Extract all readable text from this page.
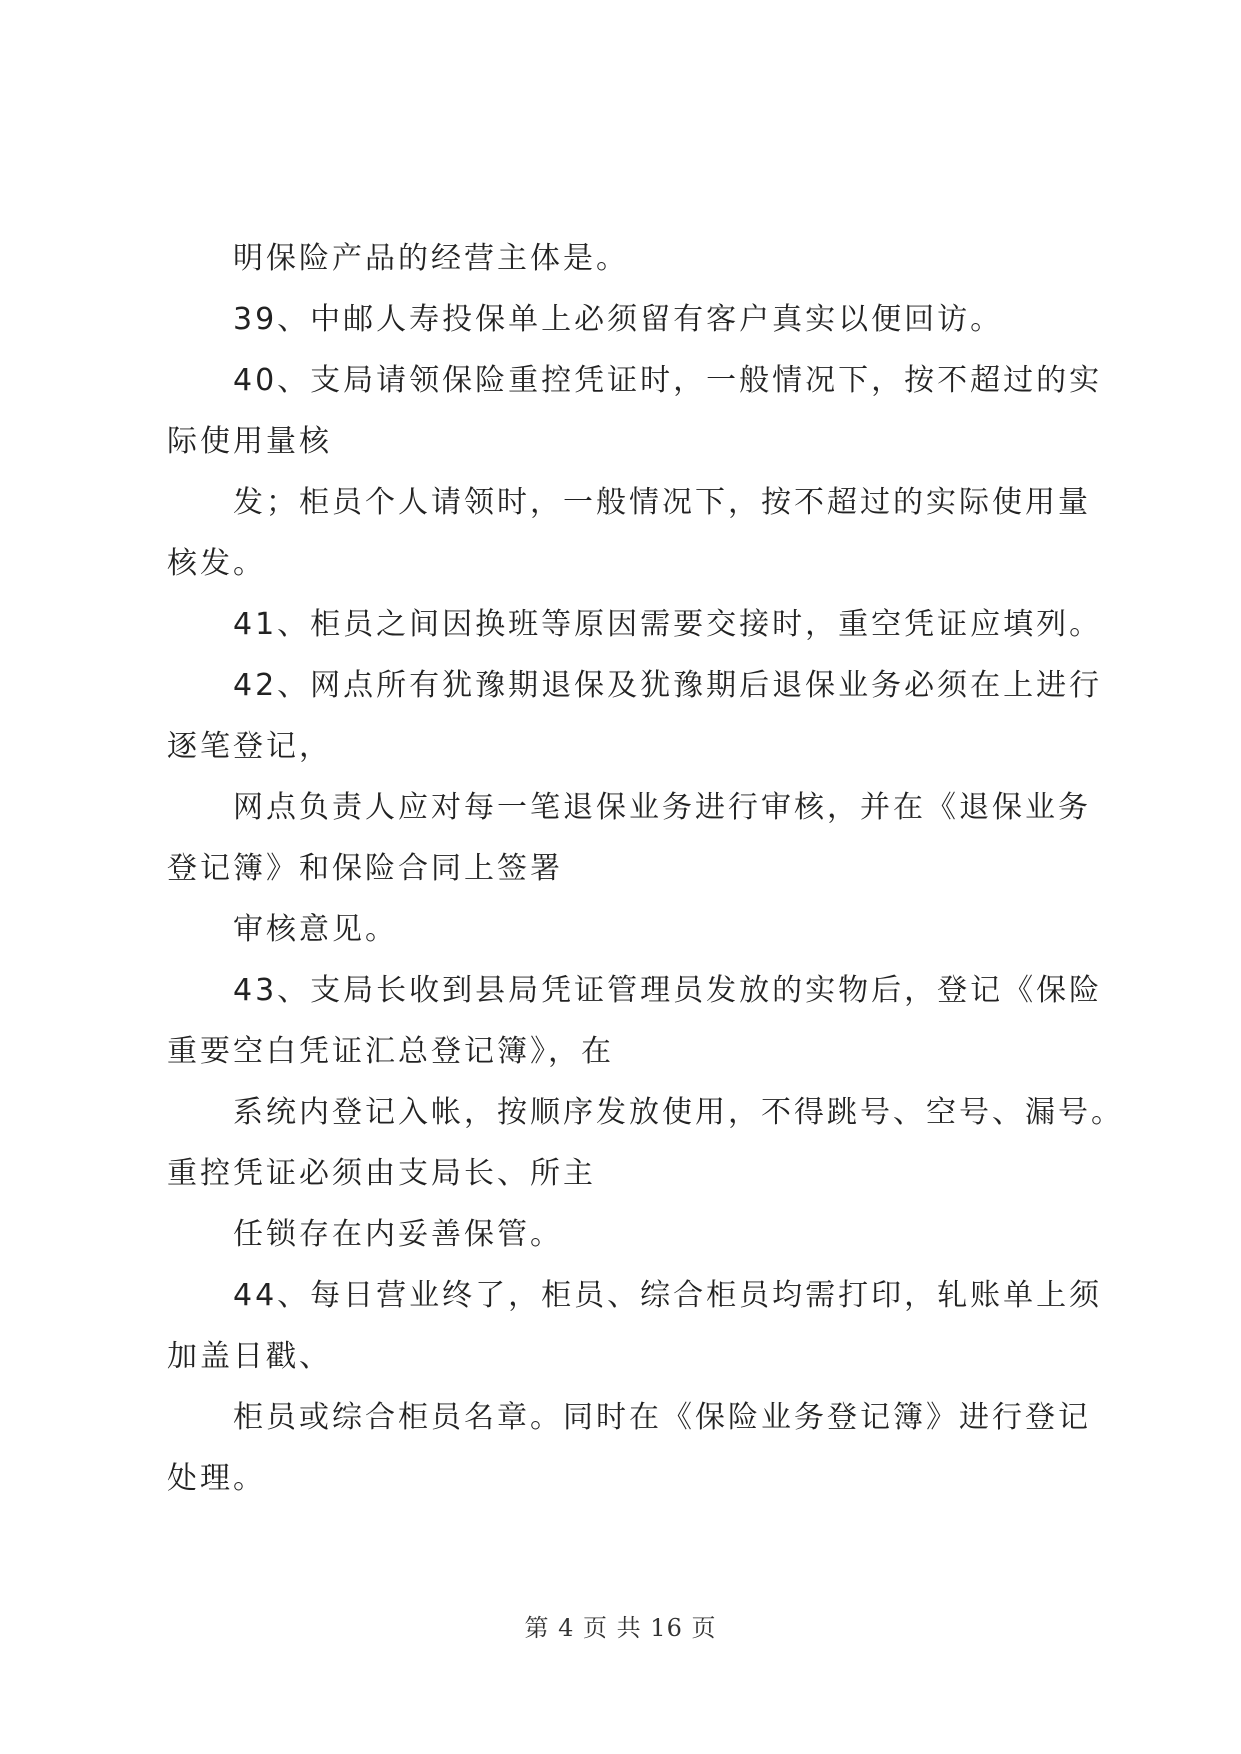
明保险产品的经营主体是。

39、中邮人寿投保单上必须留有客户真实以便回访。

40、支局请领保险重控凭证时，一般情况下，按不超过的实

际使用量核

发；柜员个人请领时，一般情况下，按不超过的实际使用量

核发。

41、柜员之间因换班等原因需要交接时，重空凭证应填列。

42、网点所有犹豫期退保及犹豫期后退保业务必须在上进行

逐笔登记，

网点负责人应对每一笔退保业务进行审核，并在《退保业务

登记簿》和保险合同上签署

审核意见。

43、支局长收到县局凭证管理员发放的实物后，登记《保险

重要空白凭证汇总登记簿》，在

系统内登记入帐，按顺序发放使用，不得跳号、空号、漏号。

重控凭证必须由支局长、所主

任锁存在内妥善保管。

44、每日营业终了，柜员、综合柜员均需打印，轧账单上须

加盖日戳、

柜员或综合柜员名章。同时在《保险业务登记簿》进行登记

处理。

第 4 页 共 16 页
